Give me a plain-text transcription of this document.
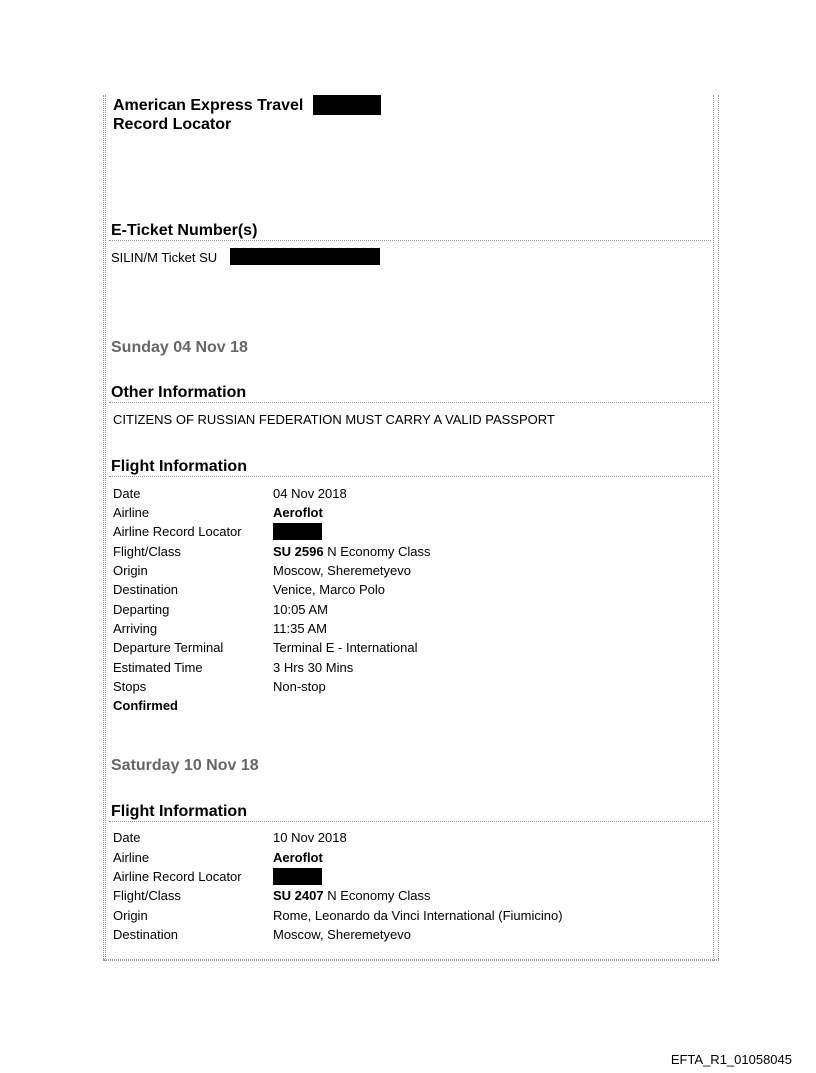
American Express Travel
Record Locator
E-Ticket Number(s)
SILIN/M Ticket SU
Sunday 04 Nov 18
Other Information
CITIZENS OF RUSSIAN FEDERATION MUST CARRY A VALID PASSPORT
Flight Information
Date	04 Nov 2018
Airline	Aeroflot
Airline Record Locator
Flight/Class	SU 2596 N Economy Class
Origin	Moscow, Sheremetyevo
Destination	Venice, Marco Polo
Departing	10:05 AM
Arriving	11:35 AM
Departure Terminal	Terminal E - International
Estimated Time	3 Hrs 30 Mins
Stops	Non-stop
Confirmed
Saturday 10 Nov 18
Flight Information
Date	10 Nov 2018
Airline	Aeroflot
Airline Record Locator
Flight/Class	SU 2407 N Economy Class
Origin	Rome, Leonardo da Vinci International (Fiumicino)
Destination	Moscow, Sheremetyevo
EFTA_R1_01058045
